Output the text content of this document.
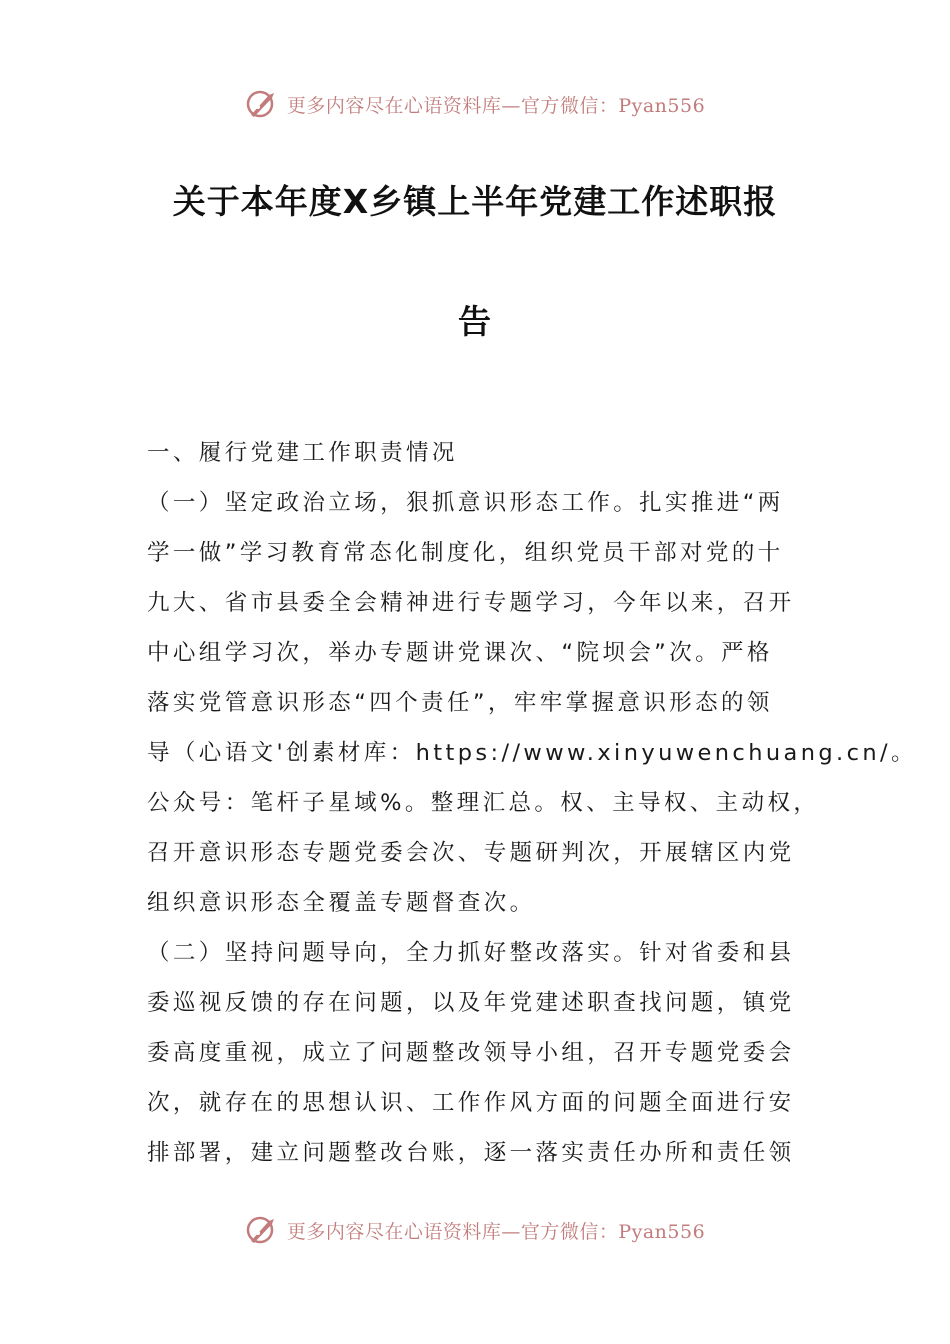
更多内容尽在心语资料库—官方微信：Pyan556
关于本年度X乡镇上半年党建工作述职报
告
一、履行党建工作职责情况
（一）坚定政治立场，狠抓意识形态工作。扎实推进“两
学一做”学习教育常态化制度化，组织党员干部对党的十
九大、省市县委全会精神进行专题学习，今年以来，召开
中心组学习次，举办专题讲党课次、“院坝会”次。严格
落实党管意识形态“四个责任”，牢牢掌握意识形态的领
导（心语文'创素材库：https://www.xinyuwenchuang.cn/。
公众号：笔杆子星域%。整理汇总。权、主导权、主动权，
召开意识形态专题党委会次、专题研判次，开展辖区内党
组织意识形态全覆盖专题督查次。
（二）坚持问题导向，全力抓好整改落实。针对省委和县
委巡视反馈的存在问题，以及年党建述职查找问题，镇党
委高度重视，成立了问题整改领导小组，召开专题党委会
次，就存在的思想认识、工作作风方面的问题全面进行安
排部署，建立问题整改台账，逐一落实责任办所和责任领
更多内容尽在心语资料库—官方微信：Pyan556
